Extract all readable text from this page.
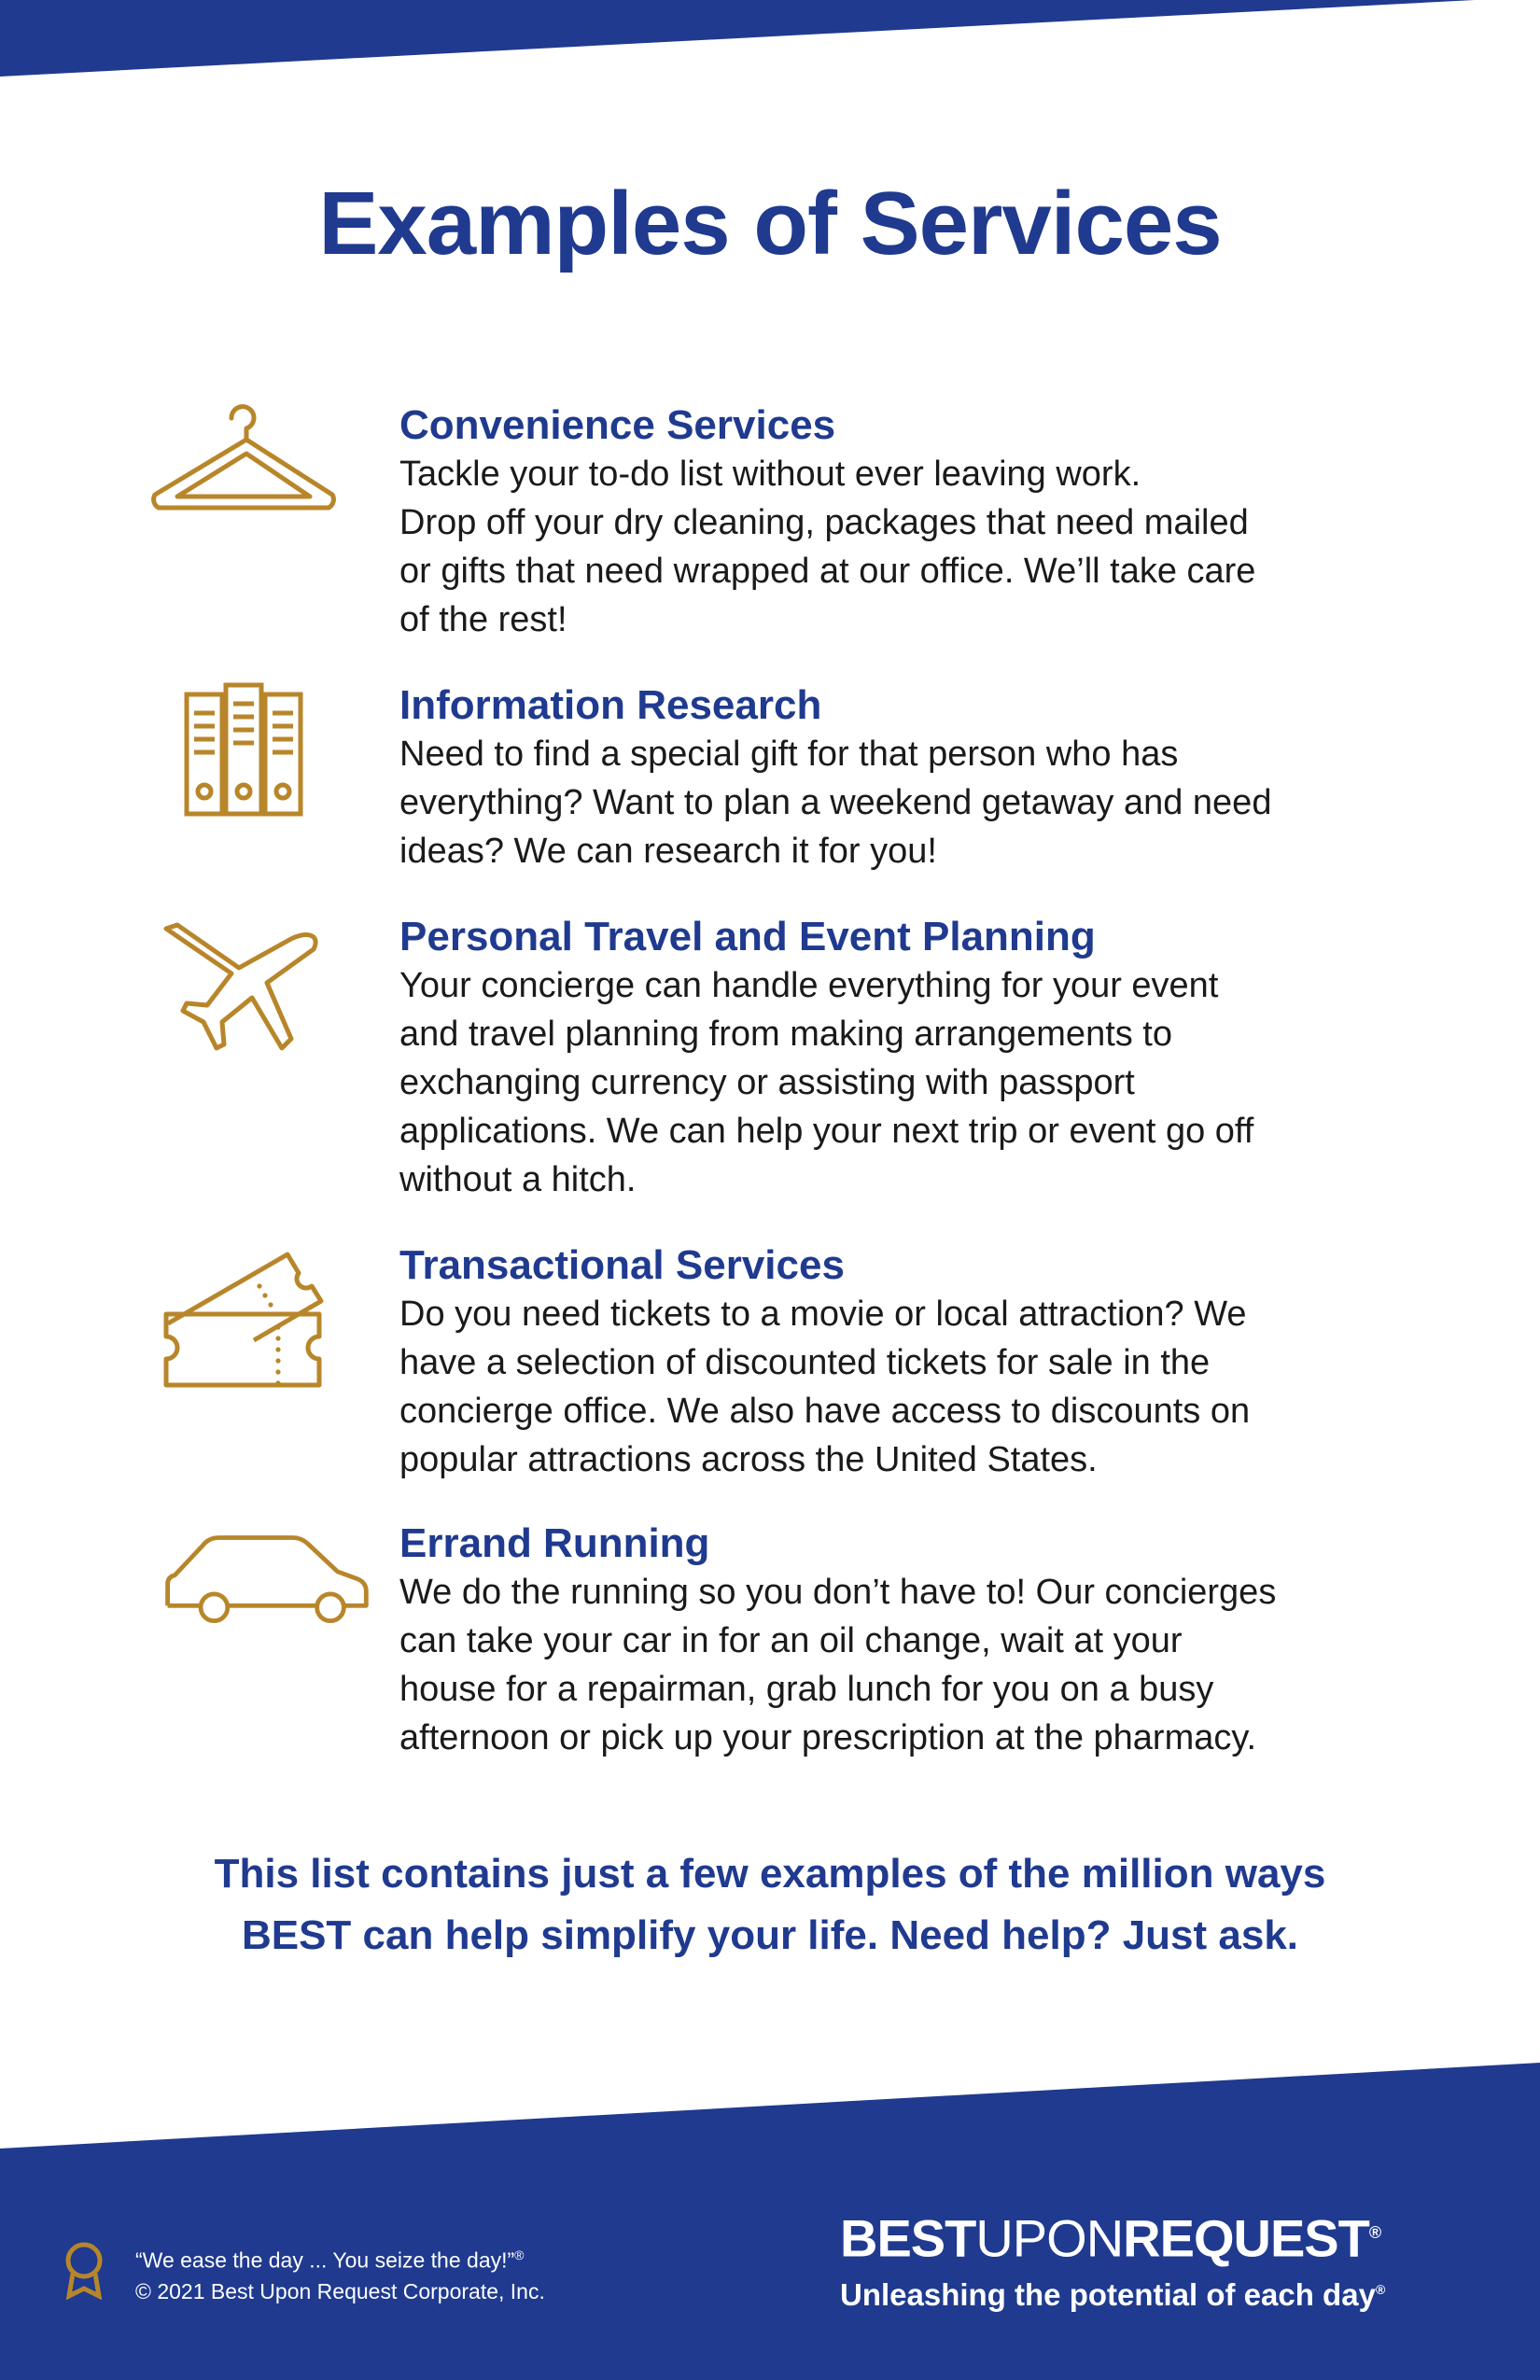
Examples of Services
Convenience Services

Tackle your to-do list without ever leaving work.
Drop off your dry cleaning, packages that need mailed
or gifts that need wrapped at our office. We’ll take care
of the rest!

Information Research

Need to find a special gift for that person who has
everything? Want to plan a weekend getaway and need
ideas? We can research it for you!

Personal Travel and Event Planning

Your concierge can handle everything for your event
and travel planning from making arrangements to
exchanging currency or assisting with passport
applications. We can help your next trip or event go off
without a hitch.

Transactional Services

Do you need tickets to a movie or local attraction? We
have a selection of discounted tickets for sale in the
concierge office. We also have access to discounts on
popular attractions across the United States.

Errand Running

We do the running so you don’t have to! Our concierges
can take your car in for an oil change, wait at your
house for a repairman, grab lunch for you on a busy
afternoon or pick up your prescription at the pharmacy.

This list contains just a few examples of the million ways
BEST can help simplify your life. Need help? Just ask.
“We ease the day ... You seize the day!”®
© 2021 Best Upon Request Corporate, Inc.
BESTUPONREQUEST®
Unleashing the potential of each day®
